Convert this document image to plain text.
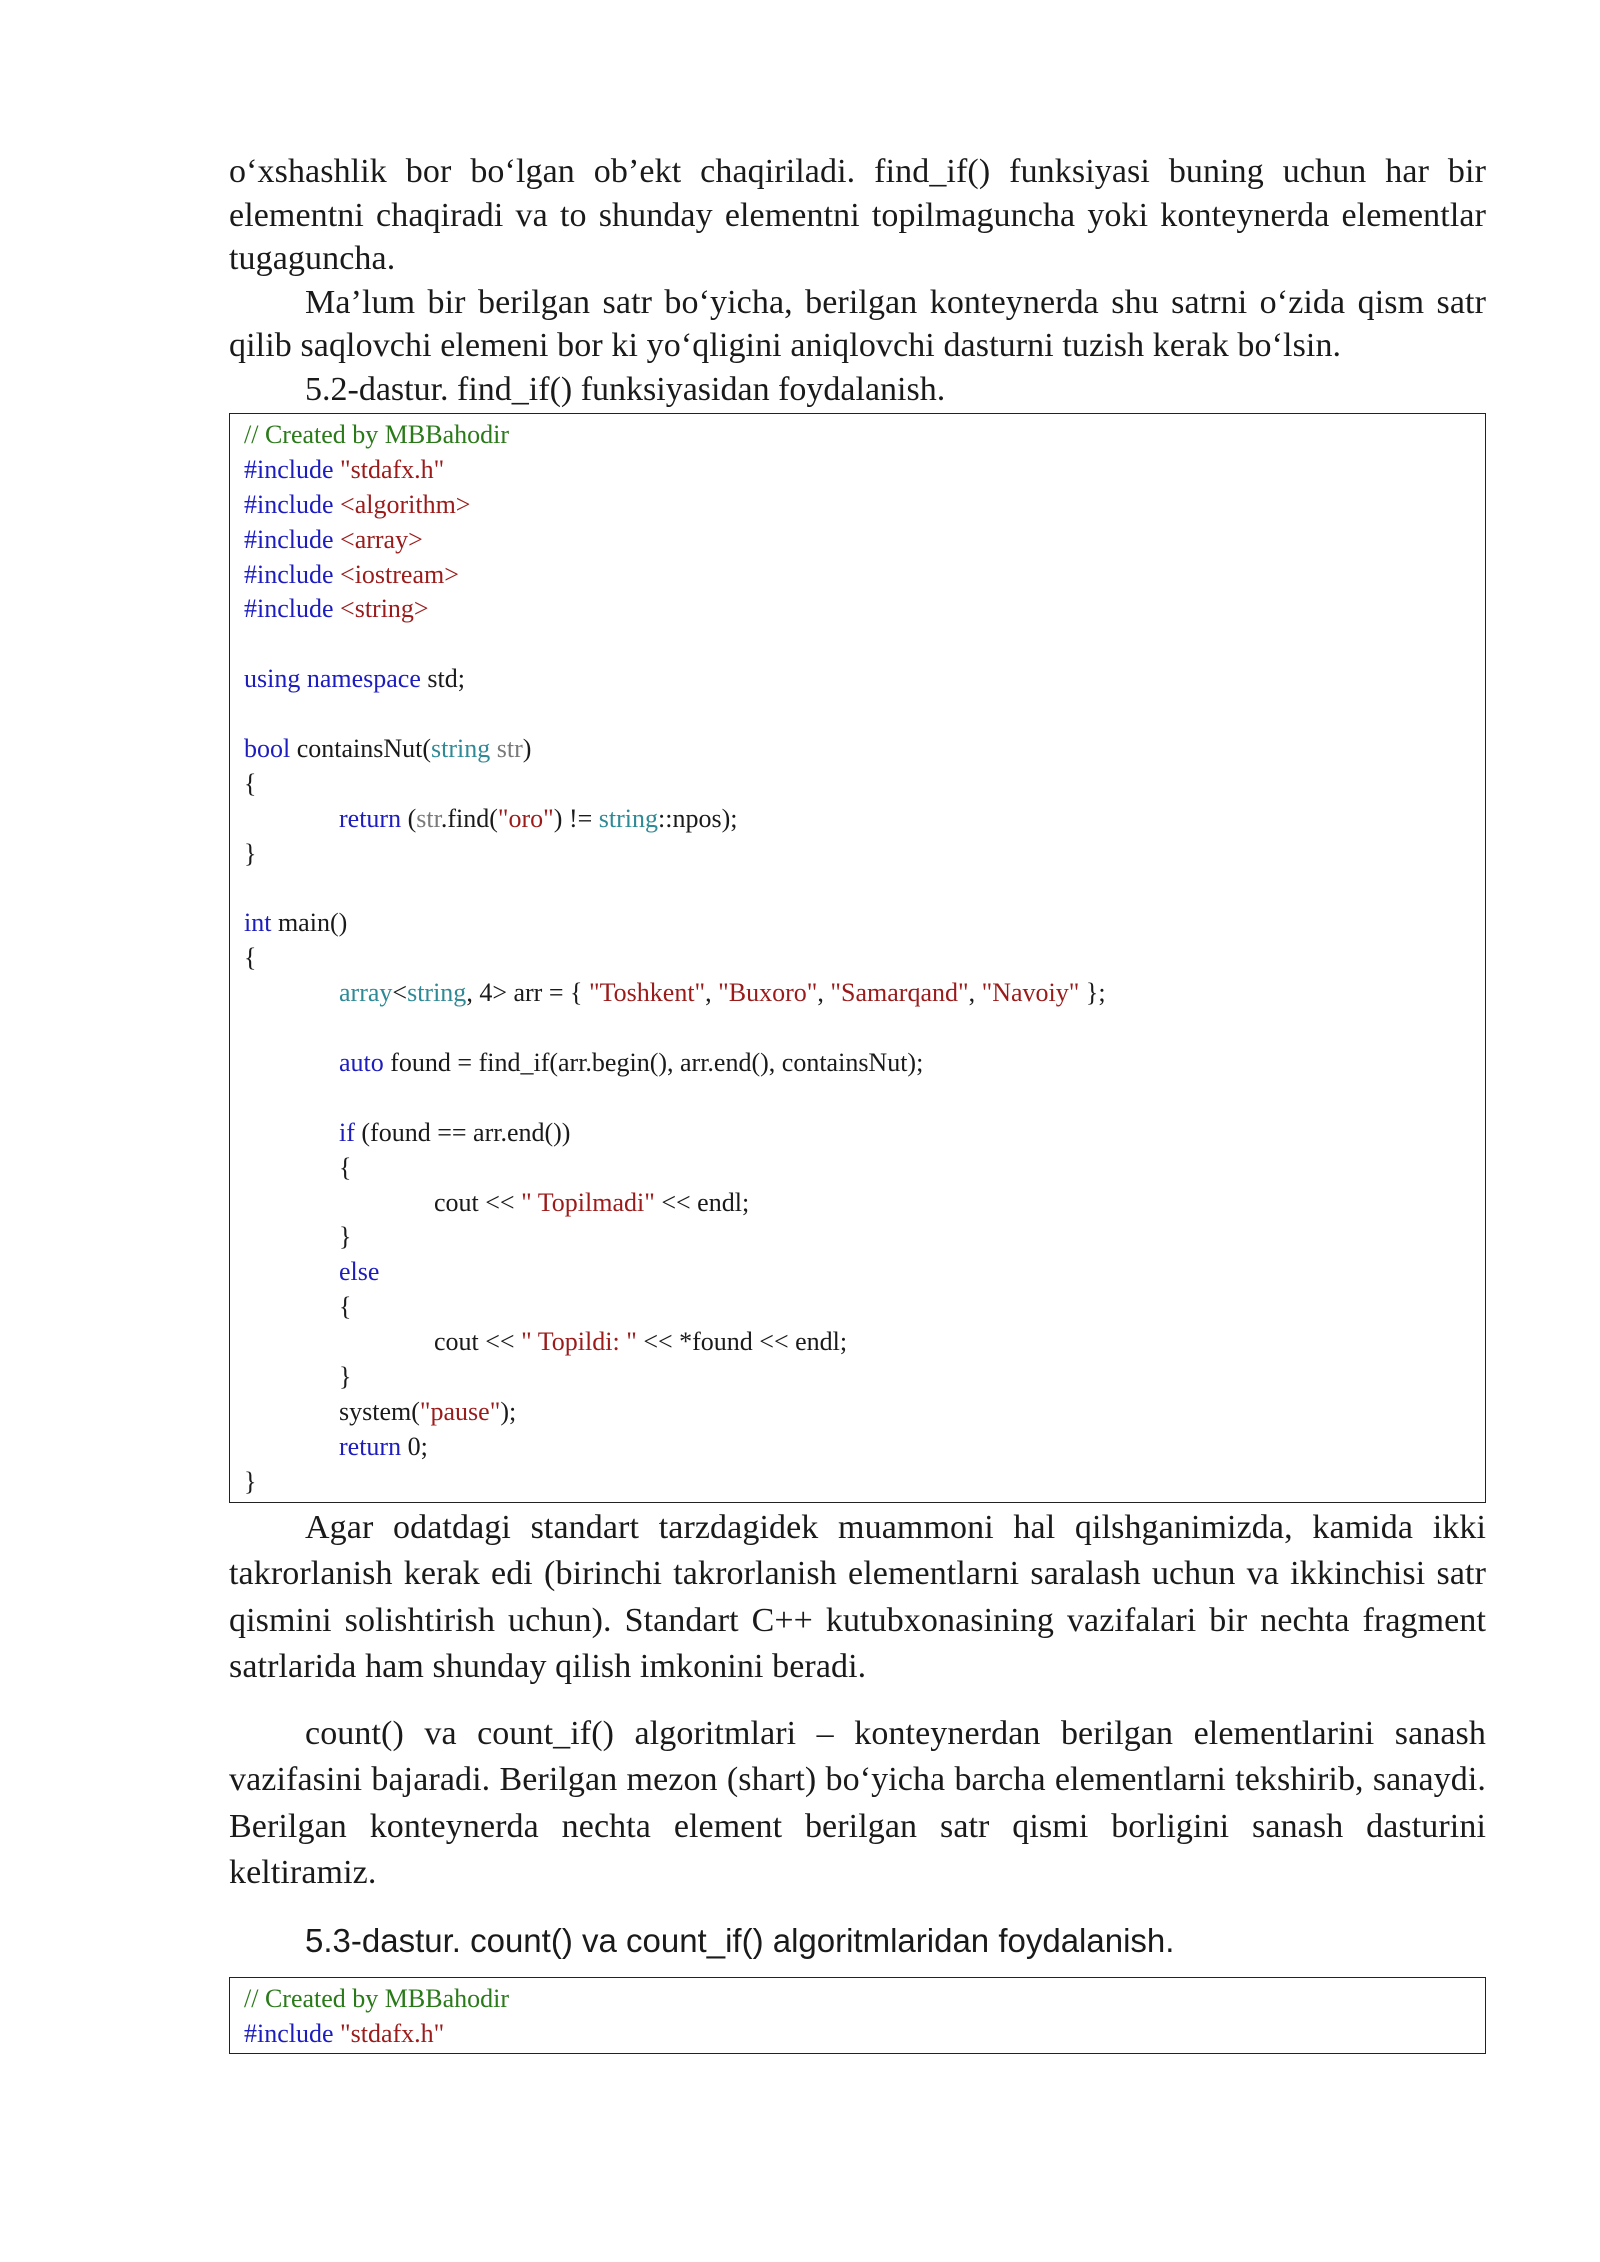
o‘xshashlik bor bo‘lgan ob’ekt chaqiriladi. find_if() funksiyasi buning uchun har bir elementni chaqiradi va to shunday elementni topilmaguncha yoki konteynerda elementlar tugaguncha.

Ma’lum bir berilgan satr bo‘yicha, berilgan konteynerda shu satrni o‘zida qism satr qilib saqlovchi elemeni bor ki yo‘qligini aniqlovchi dasturni tuzish kerak bo‘lsin.

5.2-dastur. find_if() funksiyasidan foydalanish.

// Created by MBBahodir
#include "stdafx.h"
#include <algorithm>
#include <array>
#include <iostream>
#include <string>
using namespace std;
bool containsNut(string str)
{
return (str.find("oro") != string::npos);
}
int main()
{
array<string, 4> arr = { "Toshkent", "Buxoro", "Samarqand", "Navoiy" };
auto found = find_if(arr.begin(), arr.end(), containsNut);
if (found == arr.end())
{
cout << " Topilmadi" << endl;
}
else
{
cout << " Topildi: " << *found << endl;
}
system("pause");
return 0;
}

Agar odatdagi standart tarzdagidek muammoni hal qilshganimizda, kamida ikki takrorlanish kerak edi (birinchi takrorlanish elementlarni saralash uchun va ikkinchisi satr qismini solishtirish uchun). Standart C++ kutubxonasining vazifalari bir nechta fragment satrlarida ham shunday qilish imkonini beradi.

count() va count_if() algoritmlari – konteynerdan berilgan elementlarini sanash vazifasini bajaradi. Berilgan mezon (shart) bo‘yicha barcha elementlarni tekshirib, sanaydi. Berilgan konteynerda nechta element berilgan satr qismi borligini sanash dasturini keltiramiz.

5.3-dastur. count() va count_if() algoritmlaridan foydalanish.

// Created by MBBahodir
#include "stdafx.h"
